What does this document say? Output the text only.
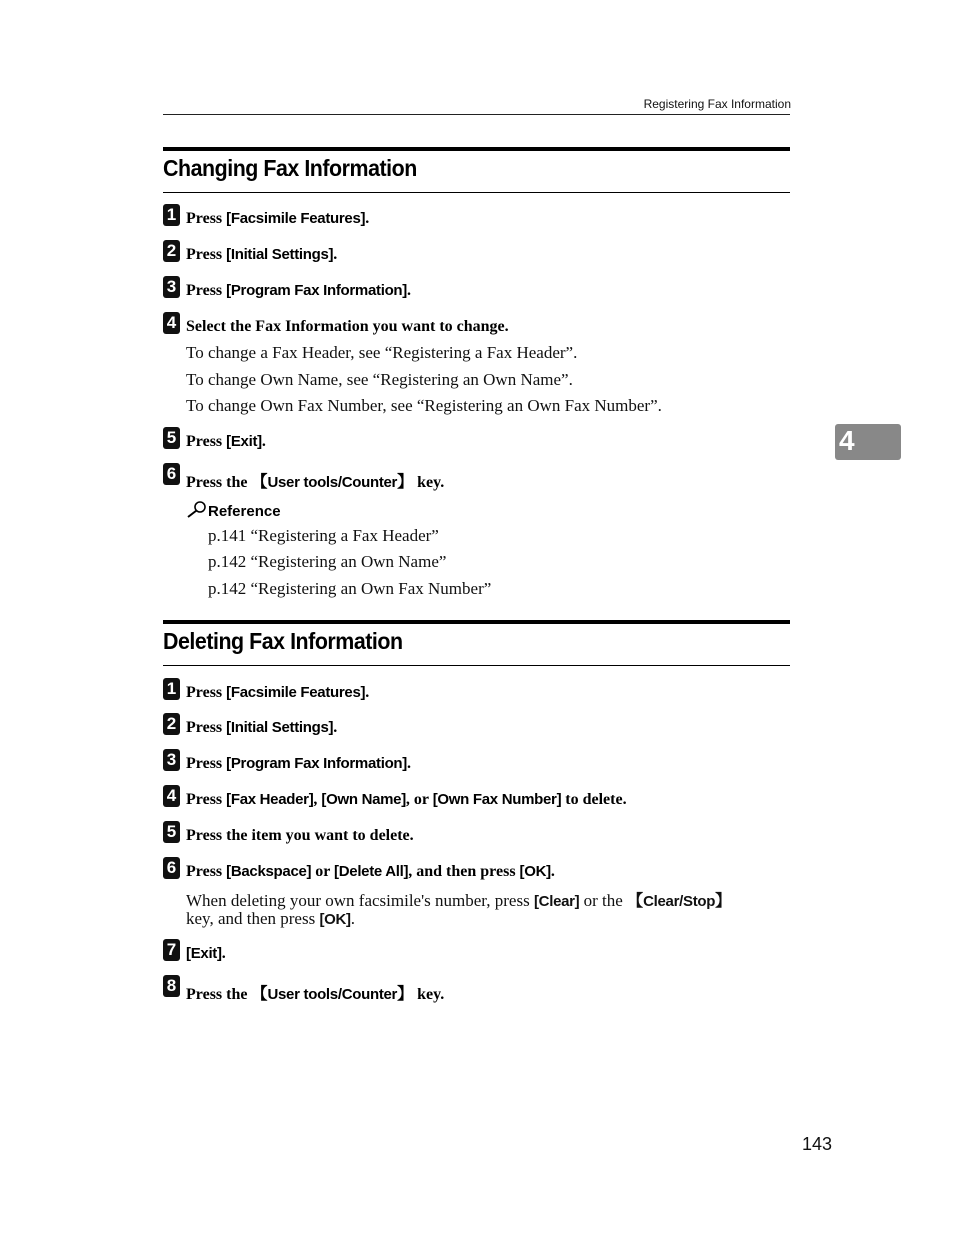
Registering Fax Information
Changing Fax Information
1 Press [Facsimile Features].
2 Press [Initial Settings].
3 Press [Program Fax Information].
4 Select the Fax Information you want to change.
To change a Fax Header, see “Registering a Fax Header”.
To change Own Name, see “Registering an Own Name”.
To change Own Fax Number, see “Registering an Own Fax Number”.
5 Press [Exit].
6 Press the 【User tools/Counter】 key.
Reference
p.141 “Registering a Fax Header”
p.142 “Registering an Own Name”
p.142 “Registering an Own Fax Number”
Deleting Fax Information
1 Press [Facsimile Features].
2 Press [Initial Settings].
3 Press [Program Fax Information].
4 Press [Fax Header], [Own Name], or [Own Fax Number] to delete.
5 Press the item you want to delete.
6 Press [Backspace] or [Delete All], and then press [OK].
When deleting your own facsimile's number, press [Clear] or the 【Clear/Stop】
key, and then press [OK].
7 [Exit].
8 Press the 【User tools/Counter】 key.
4
143
